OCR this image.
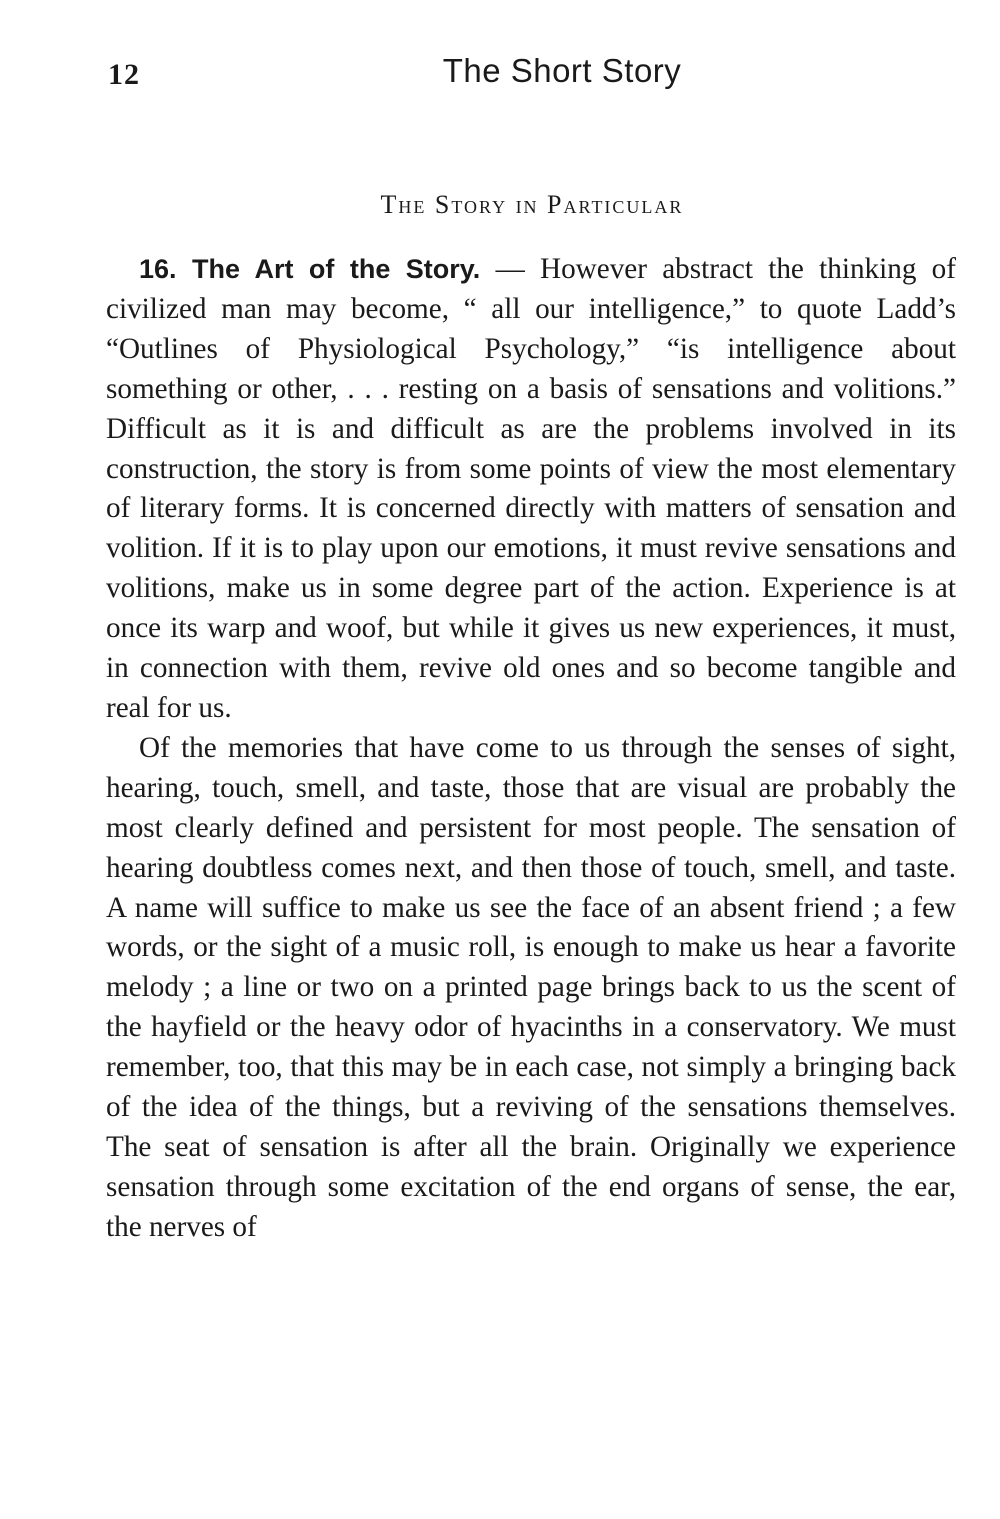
12	The Short Story
The Story in Particular

16. The Art of the Story. — However abstract the thinking of civilized man may become, “ all our intelligence,” to quote Ladd’s “Outlines of Physiological Psychology,” “is intelligence about something or other, . . . resting on a basis of sensations and volitions.” Difficult as it is and difficult as are the problems involved in its construction, the story is from some points of view the most elementary of literary forms. It is concerned directly with matters of sensation and volition. If it is to play upon our emotions, it must revive sensations and volitions, make us in some degree part of the action. Experience is at once its warp and woof, but while it gives us new experiences, it must, in connection with them, revive old ones and so become tangible and real for us.

Of the memories that have come to us through the senses of sight, hearing, touch, smell, and taste, those that are visual are probably the most clearly defined and persistent for most people. The sensation of hearing doubtless comes next, and then those of touch, smell, and taste. A name will suffice to make us see the face of an absent friend ; a few words, or the sight of a music roll, is enough to make us hear a favorite melody ; a line or two on a printed page brings back to us the scent of the hayfield or the heavy odor of hyacinths in a conservatory. We must remember, too, that this may be in each case, not simply a bringing back of the idea of the things, but a reviving of the sensations themselves. The seat of sensation is after all the brain. Originally we experience sensation through some excitation of the end organs of sense, the ear, the nerves of
